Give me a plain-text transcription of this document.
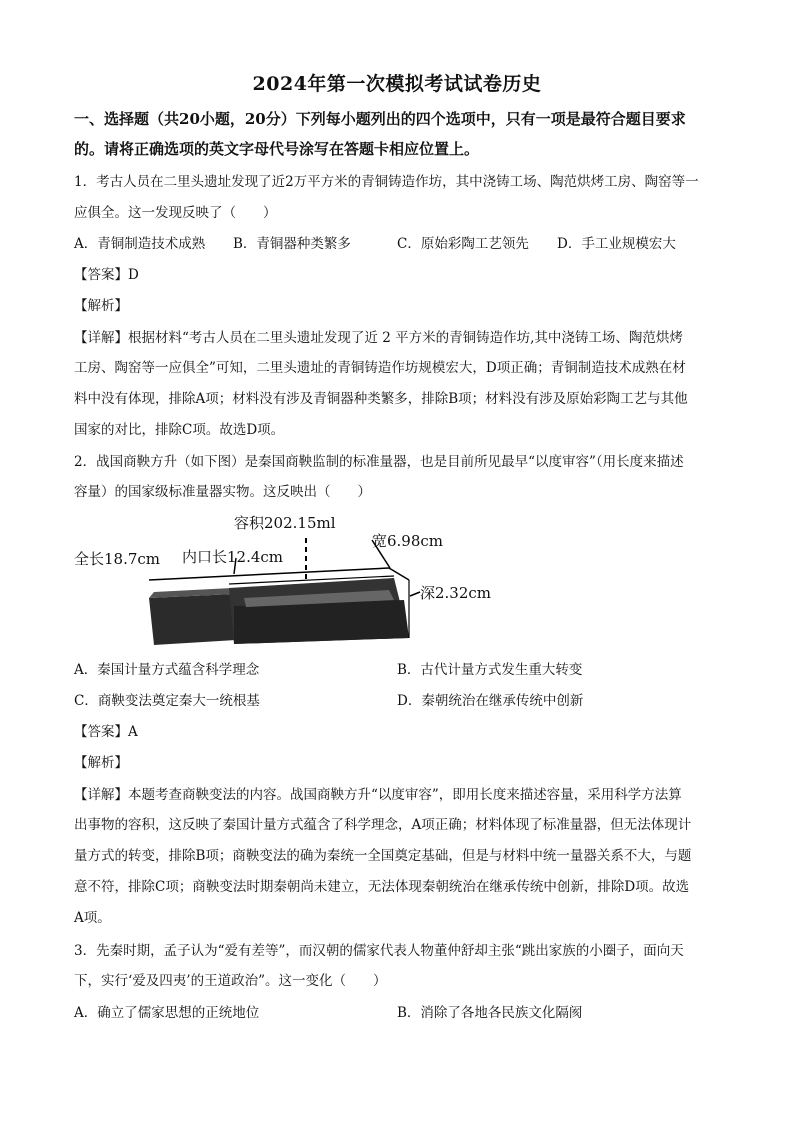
2024年第一次模拟考试试卷历史
一、选择题（共20小题，20分）下列每小题列出的四个选项中，只有一项是最符合题目要求
的。请将正确选项的英文字母代号涂写在答题卡相应位置上。
1．考古人员在二里头遗址发现了近2万平方米的青铜铸造作坊，其中浇铸工场、陶范烘烤工房、陶窑等一
应俱全。这一发现反映了（　　）
A．青铜制造技术成熟 B．青铜器种类繁多	C．原始彩陶工艺领先 D．手工业规模宏大
【答案】D
【解析】
【详解】根据材料“考古人员在二里头遗址发现了近 2 平方米的青铜铸造作坊,其中浇铸工场、陶范烘烤
工房、陶窑等一应俱全”可知，二里头遗址的青铜铸造作坊规模宏大，D项正确；青铜制造技术成熟在材
料中没有体现，排除A项；材料没有涉及青铜器种类繁多，排除B项；材料没有涉及原始彩陶工艺与其他
国家的对比，排除C项。故选D项。
2．战国商鞅方升（如下图）是秦国商鞅监制的标准量器，也是目前所见最早“以度审容”（用长度来描述
容量）的国家级标准量器实物。这反映出（　　）
容积202.15ml
全长18.7cm 内口长12.4cm
宽6.98cm
深2.32cm
A．秦国计量方式蕴含科学理念	B．古代计量方式发生重大转变
C．商鞅变法奠定秦大一统根基	D．秦朝统治在继承传统中创新
【答案】A
【解析】
【详解】本题考查商鞅变法的内容。战国商鞅方升“以度审容”，即用长度来描述容量，采用科学方法算
出事物的容积，这反映了秦国计量方式蕴含了科学理念，A项正确；材料体现了标准量器，但无法体现计
量方式的转变，排除B项；商鞅变法的确为秦统一全国奠定基础，但是与材料中统一量器关系不大，与题
意不符，排除C项；商鞅变法时期秦朝尚未建立，无法体现秦朝统治在继承传统中创新，排除D项。故选
A项。
3．先秦时期，孟子认为“爱有差等”，而汉朝的儒家代表人物董仲舒却主张“跳出家族的小圈子，面向天
下，实行‘爱及四夷’的王道政治”。这一变化（　　）
A．确立了儒家思想的正统地位	B．消除了各地各民族文化隔阂
